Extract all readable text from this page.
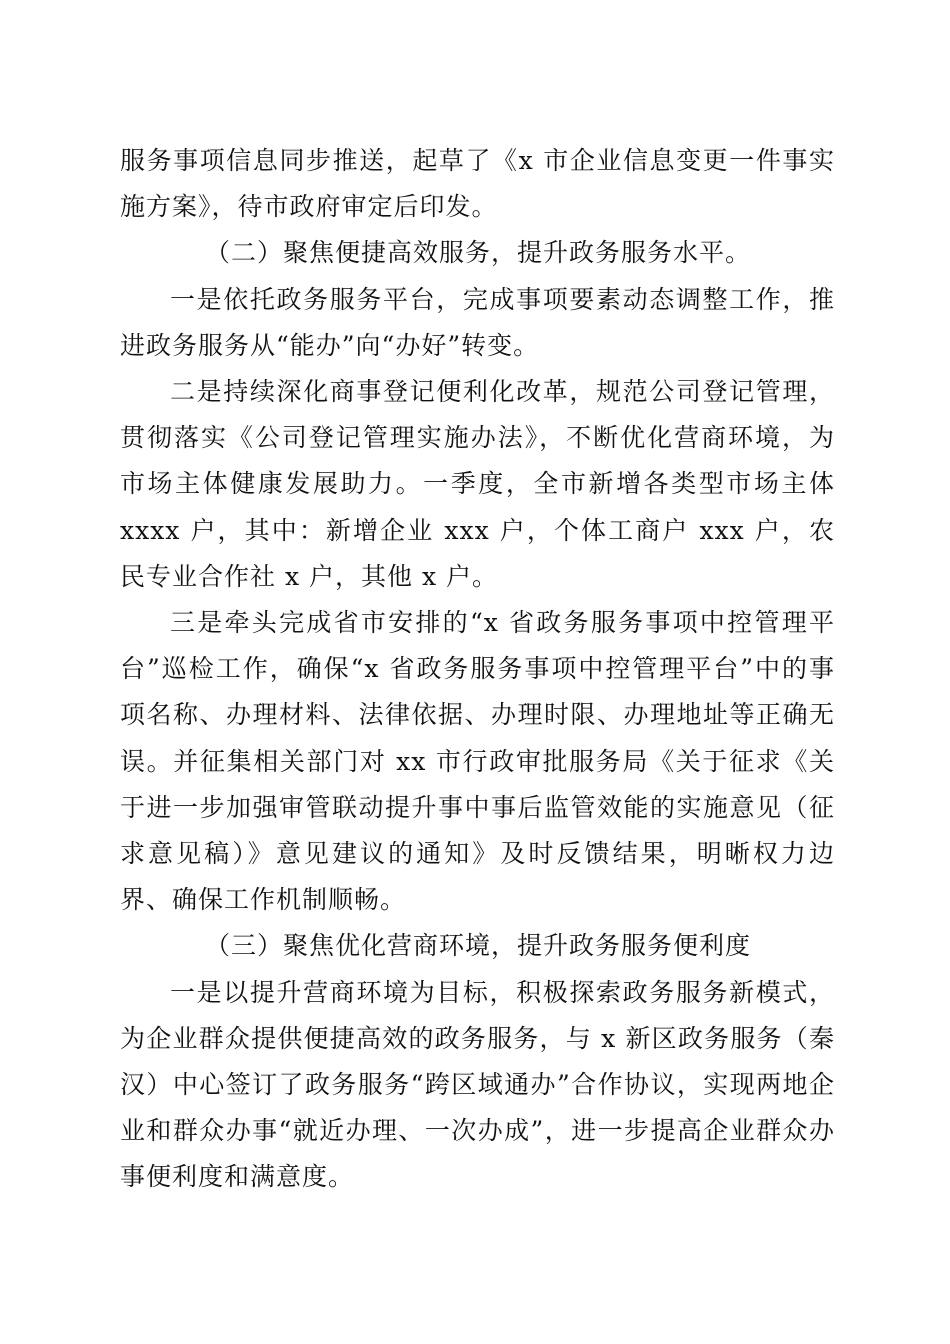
服务事项信息同步推送，起草了《x 市企业信息变更一件事实施方案》，待市政府审定后印发。

（二）聚焦便捷高效服务，提升政务服务水平。

一是依托政务服务平台，完成事项要素动态调整工作，推进政务服务从“能办”向“办好”转变。

二是持续深化商事登记便利化改革，规范公司登记管理，贯彻落实《公司登记管理实施办法》，不断优化营商环境，为市场主体健康发展助力。一季度，全市新增各类型市场主体 xxxx 户，其中：新增企业 xxx 户，个体工商户 xxx 户，农民专业合作社 x 户，其他 x 户。

三是牵头完成省市安排的“x 省政务服务事项中控管理平台”巡检工作，确保“x 省政务服务事项中控管理平台”中的事项名称、办理材料、法律依据、办理时限、办理地址等正确无误。并征集相关部门对 xx 市行政审批服务局《关于征求《关于进一步加强审管联动提升事中事后监管效能的实施意见（征求意见稿）》意见建议的通知》及时反馈结果，明晰权力边界、确保工作机制顺畅。

（三）聚焦优化营商环境，提升政务服务便利度

一是以提升营商环境为目标，积极探索政务服务新模式，为企业群众提供便捷高效的政务服务，与 x 新区政务服务（秦汉）中心签订了政务服务“跨区域通办”合作协议，实现两地企业和群众办事“就近办理、一次办成”，进一步提高企业群众办事便利度和满意度。
